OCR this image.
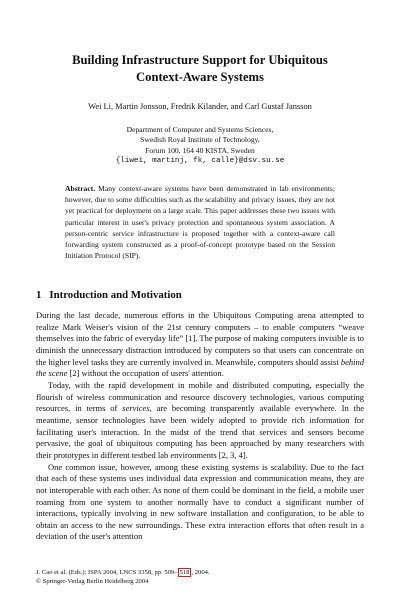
Building Infrastructure Support for Ubiquitous
Context-Aware Systems
Wei Li, Martin Jonsson, Fredrik Kilander, and Carl Gustaf Jansson
Department of Computer and Systems Sciences,
Swedish Royal Institute of Technology,
Forum 100, 164 40 KISTA, Sweden
{liwei, martinj, fk, calle}@dsv.su.se
Abstract. Many context-aware systems have been demonstrated in lab environments; however, due to some difficulties such as the scalability and privacy issues, they are not yet practical for deployment on a large scale. This paper addresses these two issues with particular interest in user's privacy protection and spontaneous system association. A person-centric service infrastructure is proposed together with a context-aware call forwarding system constructed as a proof-of-concept prototype based on the Session Initiation Protocol (SIP).
1 Introduction and Motivation

During the last decade, numerous efforts in the Ubiquitous Computing arena attempted to realize Mark Weiser's vision of the 21st century computers – to enable computers “weave themselves into the fabric of everyday life” [1]. The purpose of making computers invisible is to diminish the unnecessary distraction introduced by computers so that users can concentrate on the higher level tasks they are currently involved in. Meanwhile, computers should assist behind the scene [2] without the occupation of users' attention.

Today, with the rapid development in mobile and distributed computing, especially the flourish of wireless communication and resource discovery technologies, various computing resources, in terms of services, are becoming transparently available everywhere. In the meantime, sensor technologies have been widely adopted to provide rich information for facilitating user's interaction. In the midst of the trend that services and sensors become pervasive, the goal of ubiquitous computing has been approached by many researchers with their prototypes in different testbed lab environments [2, 3, 4].

One common issue, however, among these existing systems is scalability. Due to the fact that each of these systems uses individual data expression and communication means, they are not interoperable with each other. As none of them could be dominant in the field, a mobile user roaming from one system to another normally have to conduct a significant number of interactions, typically involving in new software installation and configuration, to be able to obtain an access to the new surroundings. These extra interaction efforts that often result in a deviation of the user's attention

J. Cao et al. (Eds.): ISPA 2004, LNCS 3358, pp. 509– 518 , 2004.
© Springer-Verlag Berlin Heidelberg 2004
